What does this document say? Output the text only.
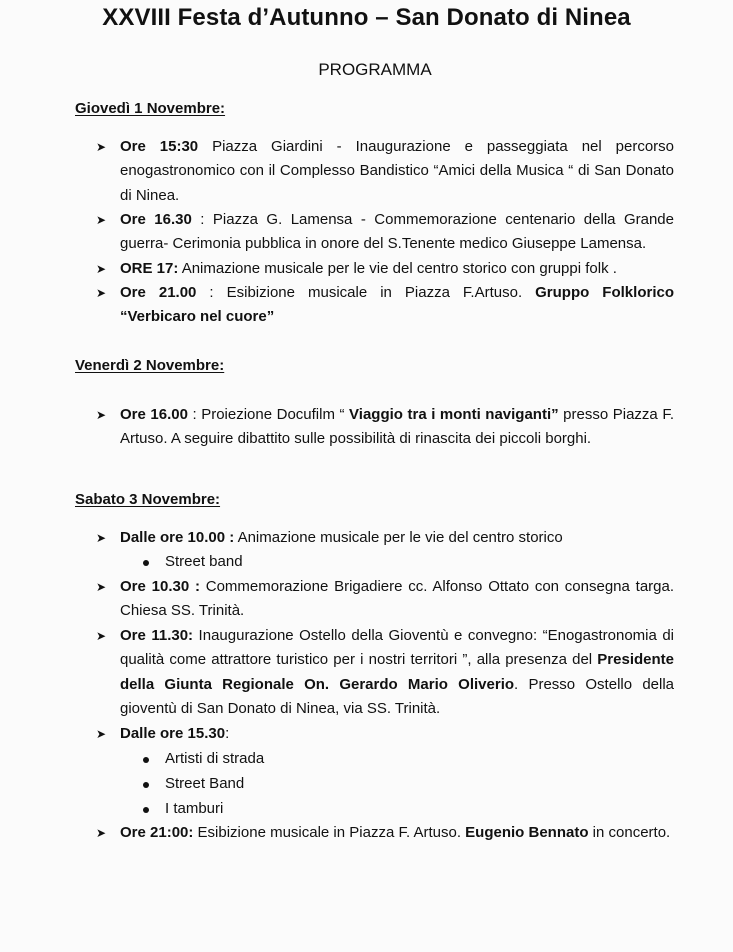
XXVIII Festa d’Autunno – San Donato di Ninea
PROGRAMMA
Giovedì 1 Novembre:
➤ Ore 15:30 Piazza Giardini - Inaugurazione e passeggiata nel percorso enogastronomico con il Complesso Bandistico “Amici della Musica “ di San Donato di Ninea.
➤ Ore 16.30 : Piazza G. Lamensa - Commemorazione centenario della Grande guerra- Cerimonia pubblica in onore del S.Tenente medico Giuseppe Lamensa.
➤ ORE 17: Animazione musicale per le vie del centro storico con gruppi folk .
➤ Ore 21.00 : Esibizione musicale in Piazza F.Artuso. Gruppo Folklorico “Verbicaro nel cuore”
Venerdì 2 Novembre:
➤ Ore 16.00 : Proiezione Docufilm “ Viaggio tra i monti naviganti” presso Piazza F. Artuso. A seguire dibattito sulle possibilità di rinascita dei piccoli borghi.
Sabato 3 Novembre:
➤ Dalle ore 10.00 : Animazione musicale per le vie del centro storico
Street band
➤ Ore 10.30 : Commemorazione Brigadiere cc. Alfonso Ottato con consegna targa. Chiesa SS. Trinità.
➤ Ore 11.30: Inaugurazione Ostello della Gioventù e convegno: “Enogastronomia di qualità come attrattore turistico per i nostri territori ”, alla presenza del Presidente della Giunta Regionale On. Gerardo Mario Oliverio. Presso Ostello della gioventù di San Donato di Ninea, via SS. Trinità.
➤ Dalle ore 15.30:
Artisti di strada
Street Band
I tamburi
➤ Ore 21:00: Esibizione musicale in Piazza F. Artuso. Eugenio Bennato in concerto.
